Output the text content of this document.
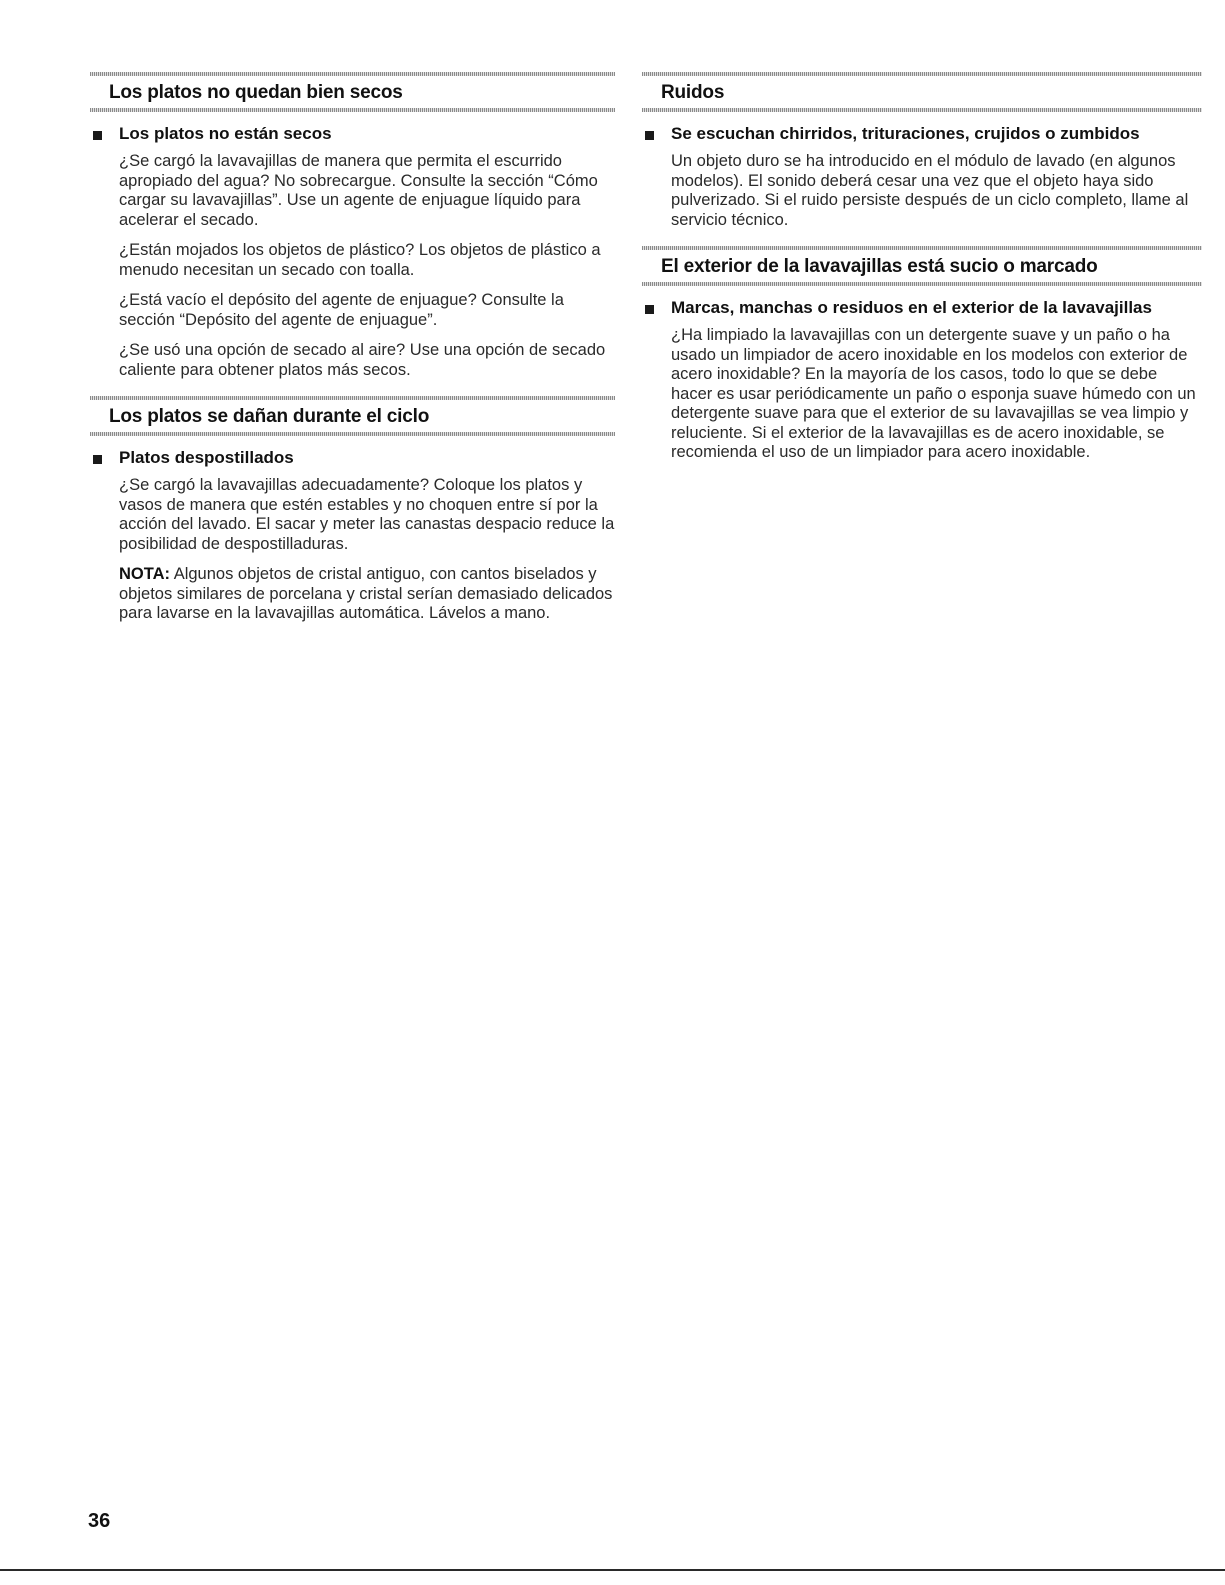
Los platos no quedan bien secos
Los platos no están secos

¿Se cargó la lavavajillas de manera que permita el escurrido apropiado del agua? No sobrecargue. Consulte la sección “Cómo cargar su lavavajillas”. Use un agente de enjuague líquido para acelerar el secado.

¿Están mojados los objetos de plástico? Los objetos de plástico a menudo necesitan un secado con toalla.

¿Está vacío el depósito del agente de enjuague? Consulte la sección “Depósito del agente de enjuague”.

¿Se usó una opción de secado al aire? Use una opción de secado caliente para obtener platos más secos.

Los platos se dañan durante el ciclo
Platos despostillados

¿Se cargó la lavavajillas adecuadamente? Coloque los platos y vasos de manera que estén estables y no choquen entre sí por la acción del lavado. El sacar y meter las canastas despacio reduce la posibilidad de despostilladuras.

NOTA: Algunos objetos de cristal antiguo, con cantos biselados y objetos similares de porcelana y cristal serían demasiado delicados para lavarse en la lavavajillas automática. Lávelos a mano.

Ruidos
Se escuchan chirridos, trituraciones, crujidos o zumbidos

Un objeto duro se ha introducido en el módulo de lavado (en algunos modelos). El sonido deberá cesar una vez que el objeto haya sido pulverizado. Si el ruido persiste después de un ciclo completo, llame al servicio técnico.

El exterior de la lavavajillas está sucio o marcado
Marcas, manchas o residuos en el exterior de la lavavajillas

¿Ha limpiado la lavavajillas con un detergente suave y un paño o ha usado un limpiador de acero inoxidable en los modelos con exterior de acero inoxidable? En la mayoría de los casos, todo lo que se debe hacer es usar periódicamente un paño o esponja suave húmedo con un detergente suave para que el exterior de su lavavajillas se vea limpio y reluciente. Si el exterior de la lavavajillas es de acero inoxidable, se recomienda el uso de un limpiador para acero inoxidable.

36
